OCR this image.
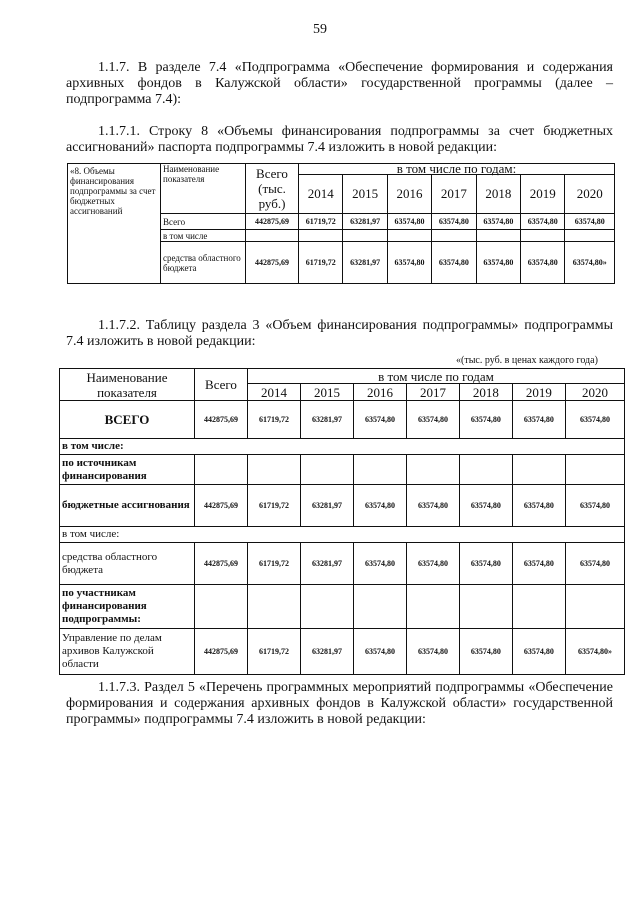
59
1.1.7. В разделе 7.4 «Подпрограмма «Обеспечение формирования и содержания архивных фондов в Калужской области» государственной программы (далее – подпрограмма 7.4):
1.1.7.1. Строку 8 «Объемы финансирования подпрограммы за счет бюджетных ассигнований» паспорта подпрограммы 7.4 изложить в новой редакции:
«8. Объемы финансирования подпрограммы за счет бюджетных ассигнований	Наименование показателя	Всего (тыс. руб.)	в том числе по годам:						
			2014	2015	2016	2017	2018	2019	2020
	Всего	442875,69	61719,72	63281,97	63574,80	63574,80	63574,80	63574,80	63574,80
	в том числе								
	средства областного бюджета	442875,69	61719,72	63281,97	63574,80	63574,80	63574,80	63574,80	63574,80»
1.1.7.2. Таблицу раздела 3 «Объем финансирования подпрограммы» подпрограммы 7.4 изложить в новой редакции:
«(тыс. руб. в ценах каждого года)
Наименование показателя	Всего	в том числе по годам						
		2014	2015	2016	2017	2018	2019	2020
ВСЕГО	442875,69	61719,72	63281,97	63574,80	63574,80	63574,80	63574,80	63574,80
в том числе:								
по источникам финансирования								
бюджетные ассигнования	442875,69	61719,72	63281,97	63574,80	63574,80	63574,80	63574,80	63574,80
в том числе:								
средства областного бюджета	442875,69	61719,72	63281,97	63574,80	63574,80	63574,80	63574,80	63574,80
по участникам финансирования подпрограммы:								
Управление по делам архивов Калужской области	442875,69	61719,72	63281,97	63574,80	63574,80	63574,80	63574,80	63574,80»
1.1.7.3. Раздел 5 «Перечень программных мероприятий подпрограммы «Обеспечение формирования и содержания архивных фондов в Калужской области» государственной программы» подпрограммы 7.4 изложить в новой редакции:
